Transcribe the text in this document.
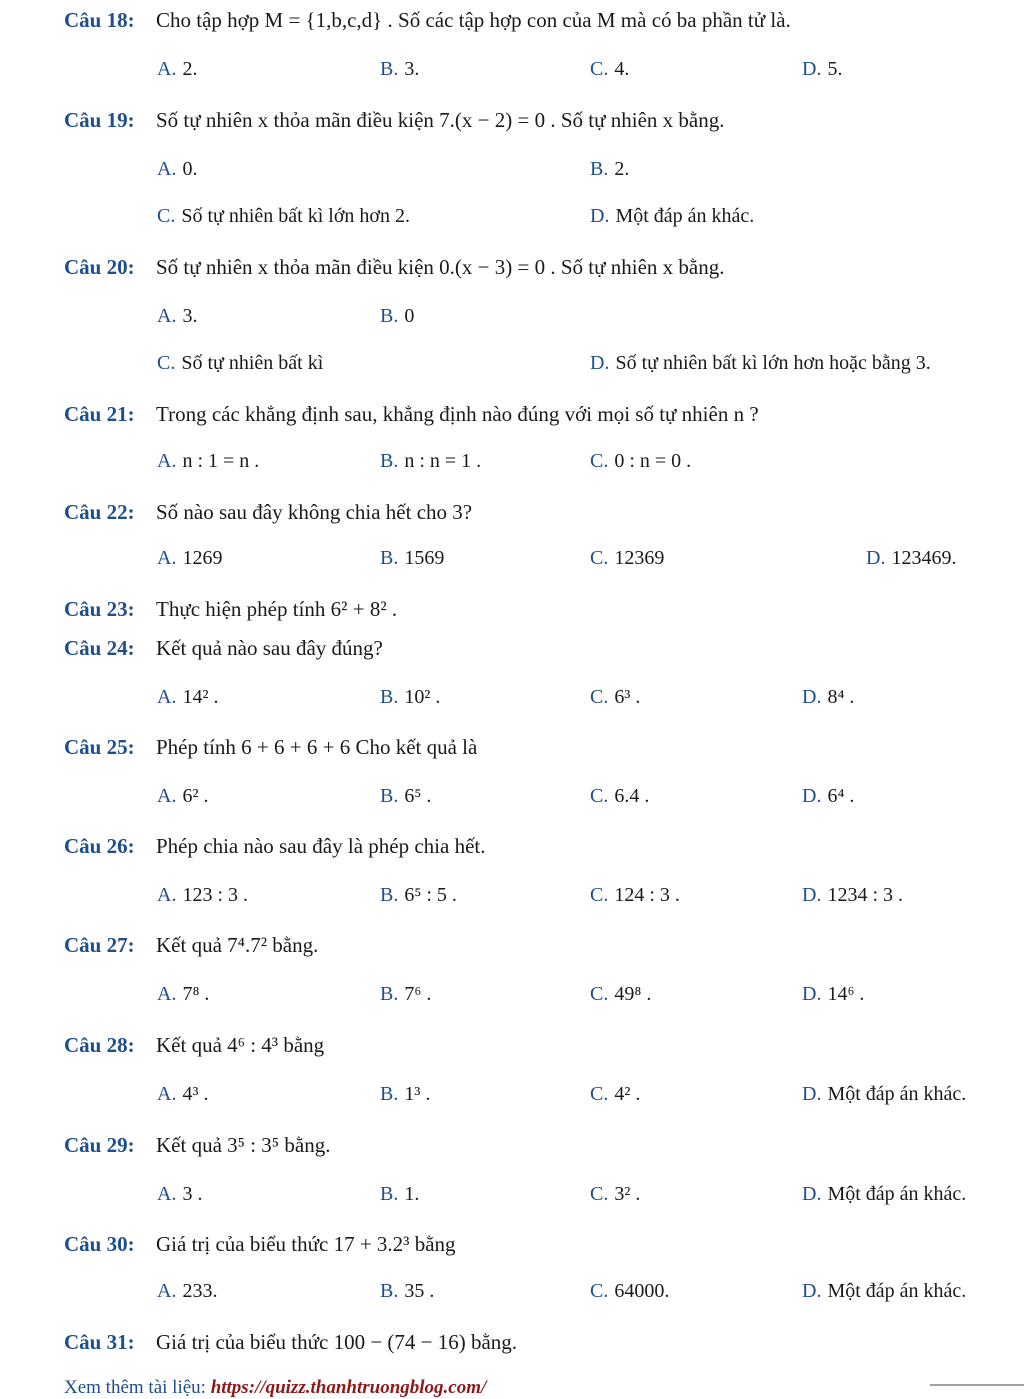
Câu 18: Cho tập hợp M = {1,b,c,d} . Số các tập hợp con của M mà có ba phần tử là.
A. 2.	B. 3.	C. 4.	D. 5.
Câu 19: Số tự nhiên x thỏa mãn điều kiện 7.(x − 2) = 0 . Số tự nhiên x bằng.
A. 0.	B. 2.
C. Số tự nhiên bất kì lớn hơn 2.	D. Một đáp án khác.
Câu 20: Số tự nhiên x thỏa mãn điều kiện 0.(x − 3) = 0 . Số tự nhiên x bằng.
A. 3.	B. 0
C. Số tự nhiên bất kì	D. Số tự nhiên bất kì lớn hơn hoặc bằng 3.
Câu 21: Trong các khẳng định sau, khẳng định nào đúng với mọi số tự nhiên n ?
A. n : 1 = n .	B. n : n = 1 .	C. 0 : n = 0 .
Câu 22: Số nào sau đây không chia hết cho 3?
A. 1269	B. 1569	C. 12369	D. 123469.
Câu 23: Thực hiện phép tính 6² + 8² .
Câu 24: Kết quả nào sau đây đúng?
A. 14² .	B. 10² .	C. 6³ .	D. 8⁴ .
Câu 25: Phép tính 6 + 6 + 6 + 6 Cho kết quả là
A. 6² .	B. 6⁵ .	C. 6.4 .	D. 6⁴ .
Câu 26: Phép chia nào sau đây là phép chia hết.
A. 123 : 3 .	B. 6⁵ : 5 .	C. 124 : 3 .	D. 1234 : 3 .
Câu 27: Kết quả 7⁴.7² bằng.
A. 7⁸ .	B. 7⁶ .	C. 49⁸ .	D. 14⁶ .
Câu 28: Kết quả 4⁶ : 4³ bằng
A. 4³ .	B. 1³ .	C. 4² .	D. Một đáp án khác.
Câu 29: Kết quả 3⁵ : 3⁵ bằng.
A. 3 .	B. 1.	C. 3² .	D. Một đáp án khác.
Câu 30: Giá trị của biểu thức 17 + 3.2³ bằng
A. 233.	B. 35 .	C. 64000.	D. Một đáp án khác.
Câu 31: Giá trị của biểu thức 100 − (74 − 16) bằng.
Xem thêm tài liệu: https://quizz.thanhtruongblog.com/
